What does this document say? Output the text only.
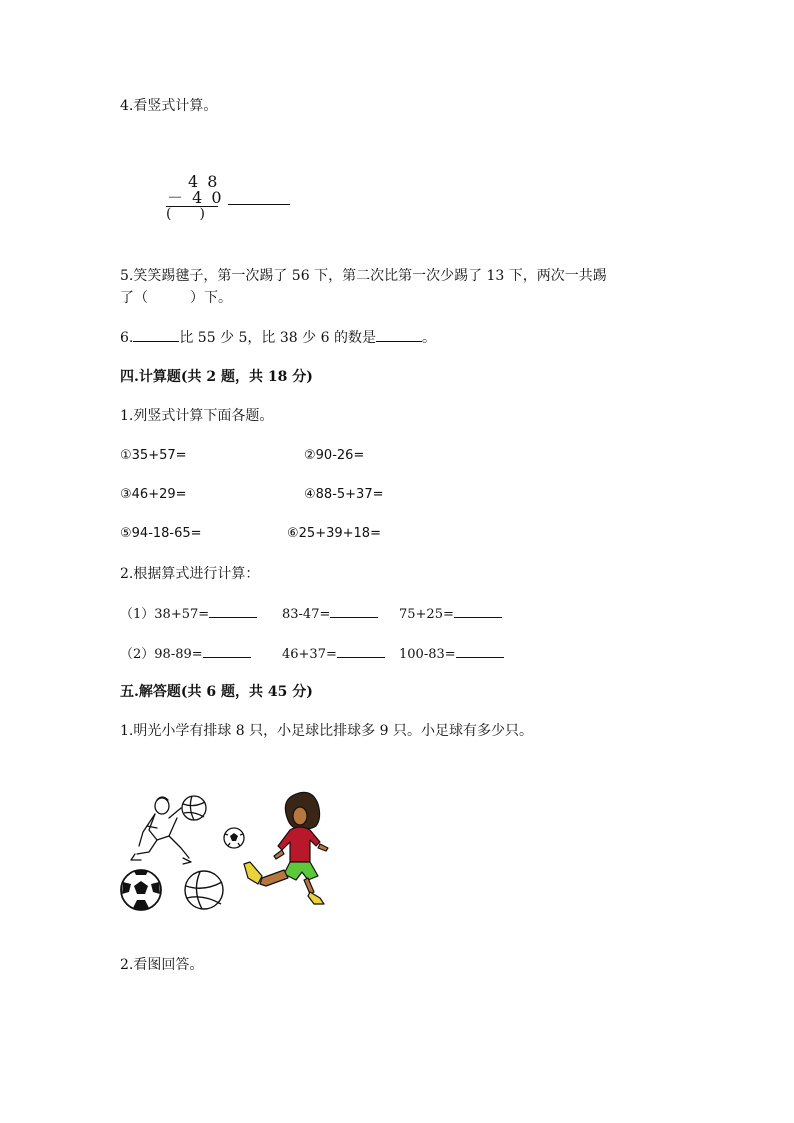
4.看竖式计算。
4 8
－ 4 0
(　　)
5.笑笑踢毽子，第一次踢了 56 下，第二次比第一次少踢了 13 下，两次一共踢
了（　　　）下。
6.	比 55 少 5，比 38 少 6 的数是	。
四.计算题(共 2 题，共 18 分)
1.列竖式计算下面各题。
①35+57=	②90-26=
③46+29=	④88-5+37=
⑤94-18-65=	⑥25+39+18=
2.根据算式进行计算：
（1）38+57=	83-47=	75+25=
（2）98-89=	46+37=	100-83=
五.解答题(共 6 题，共 45 分)
1.明光小学有排球 8 只，小足球比排球多 9 只。小足球有多少只。
2.看图回答。
